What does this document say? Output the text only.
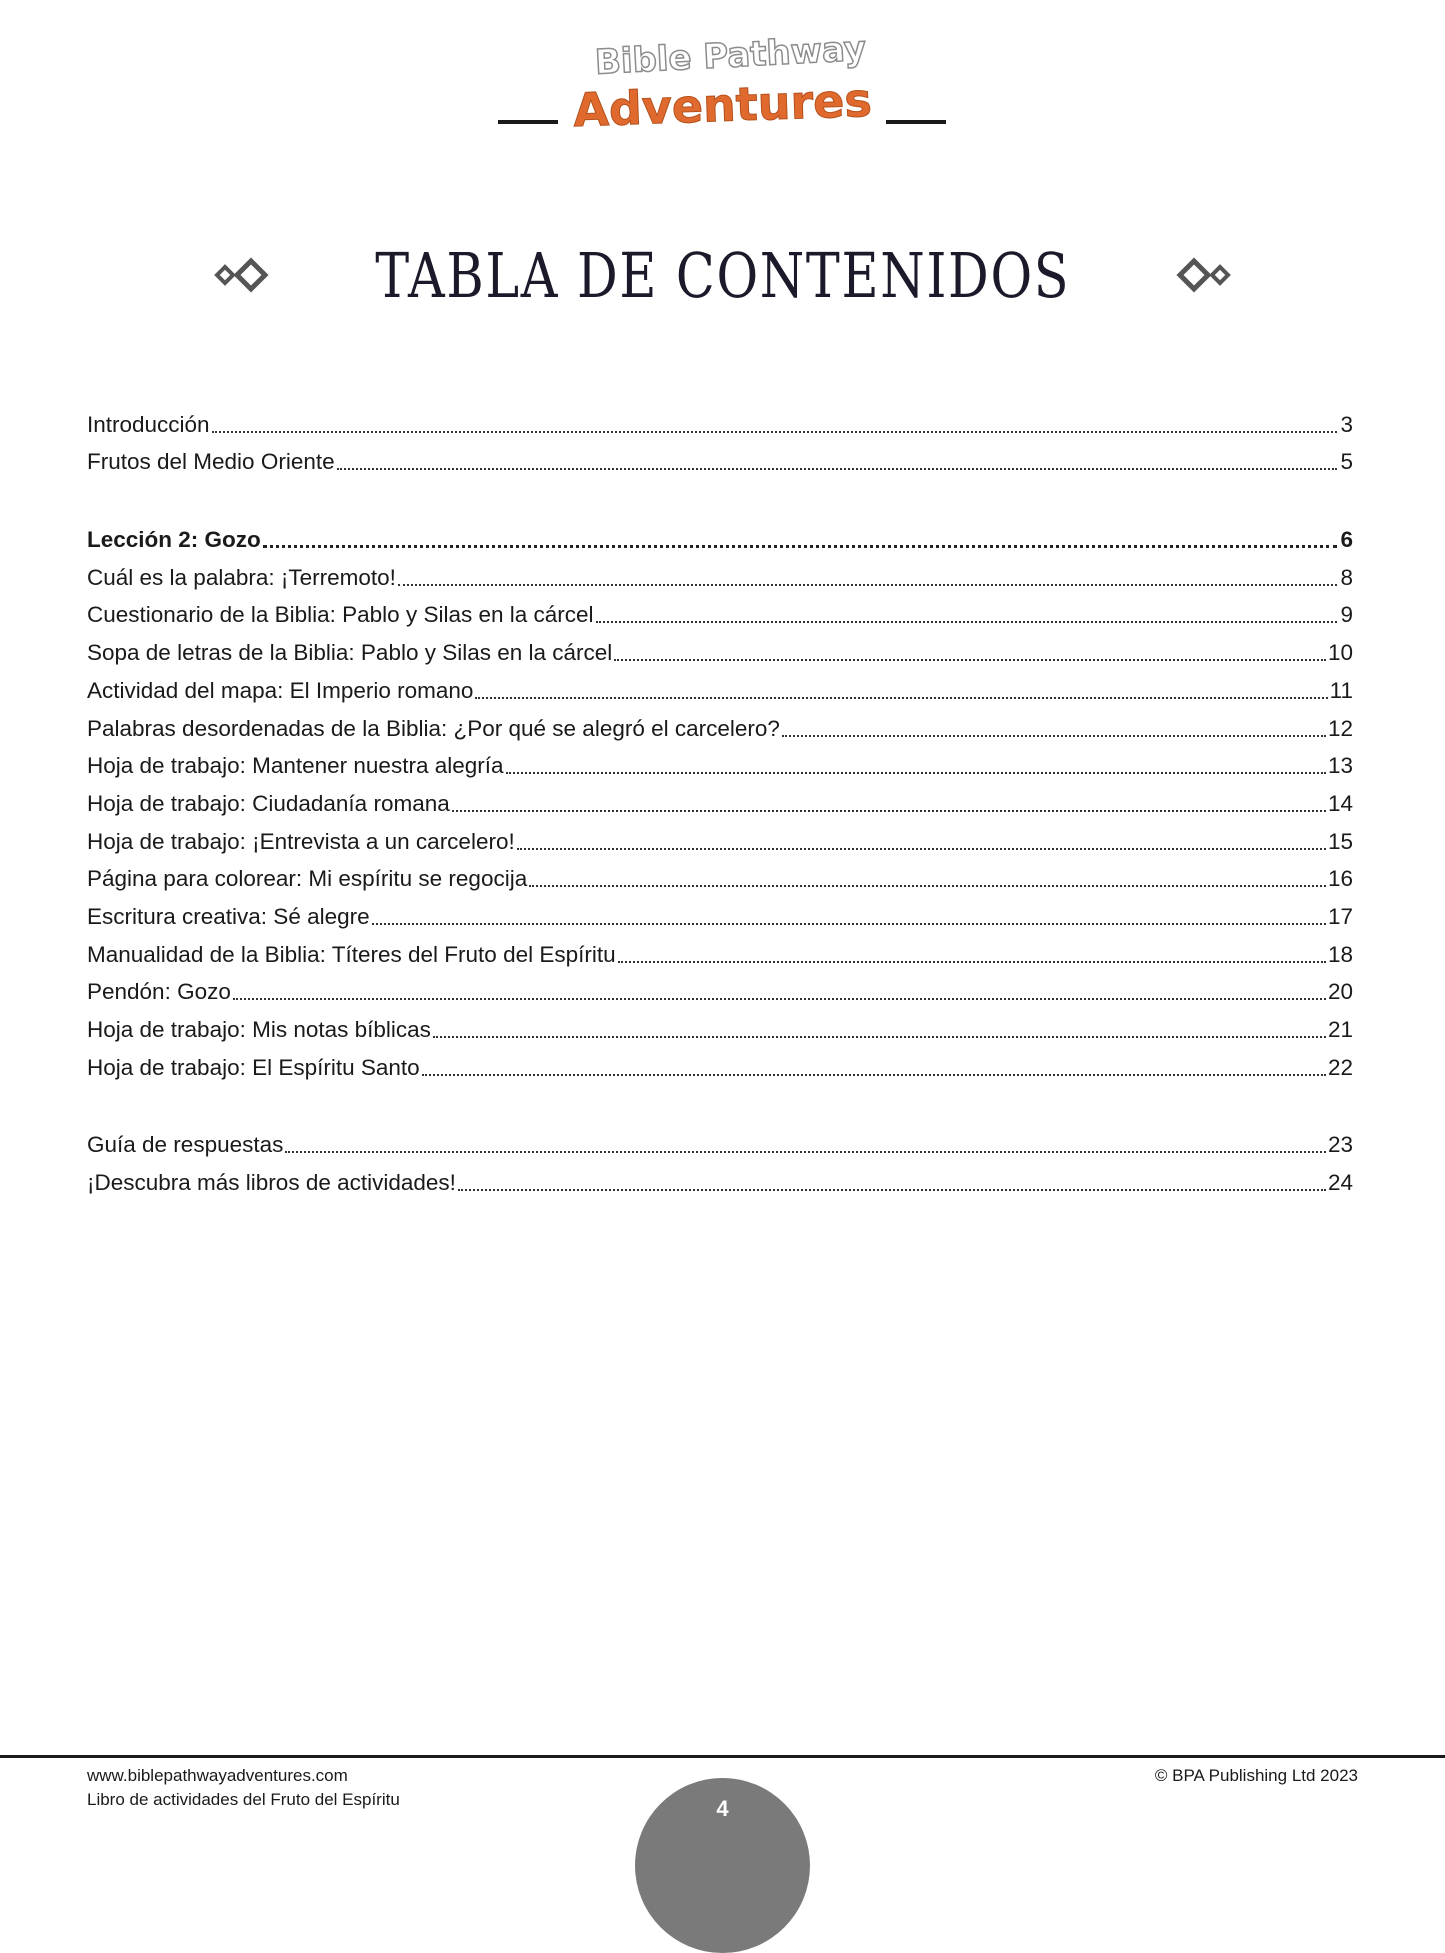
Bible Pathway
Adventures
TABLA DE CONTENIDOS
Introducción	3
Frutos del Medio Oriente	5
Lección 2: Gozo	6
Cuál es la palabra: ¡Terremoto!	8
Cuestionario de la Biblia: Pablo y Silas en la cárcel	9
Sopa de letras de la Biblia: Pablo y Silas en la cárcel	10
Actividad del mapa: El Imperio romano	11
Palabras desordenadas de la Biblia: ¿Por qué se alegró el carcelero?	12
Hoja de trabajo: Mantener nuestra alegría	13
Hoja de trabajo: Ciudadanía romana	14
Hoja de trabajo: ¡Entrevista a un carcelero!	15
Página para colorear: Mi espíritu se regocija	16
Escritura creativa: Sé alegre	17
Manualidad de la Biblia: Títeres del Fruto del Espíritu	18
Pendón: Gozo	20
Hoja de trabajo: Mis notas bíblicas	21
Hoja de trabajo: El Espíritu Santo	22
Guía de respuestas	23
¡Descubra más libros de actividades!	24
www.biblepathwayadventures.com
Libro de actividades del Fruto del Espíritu
© BPA Publishing Ltd 2023
4
